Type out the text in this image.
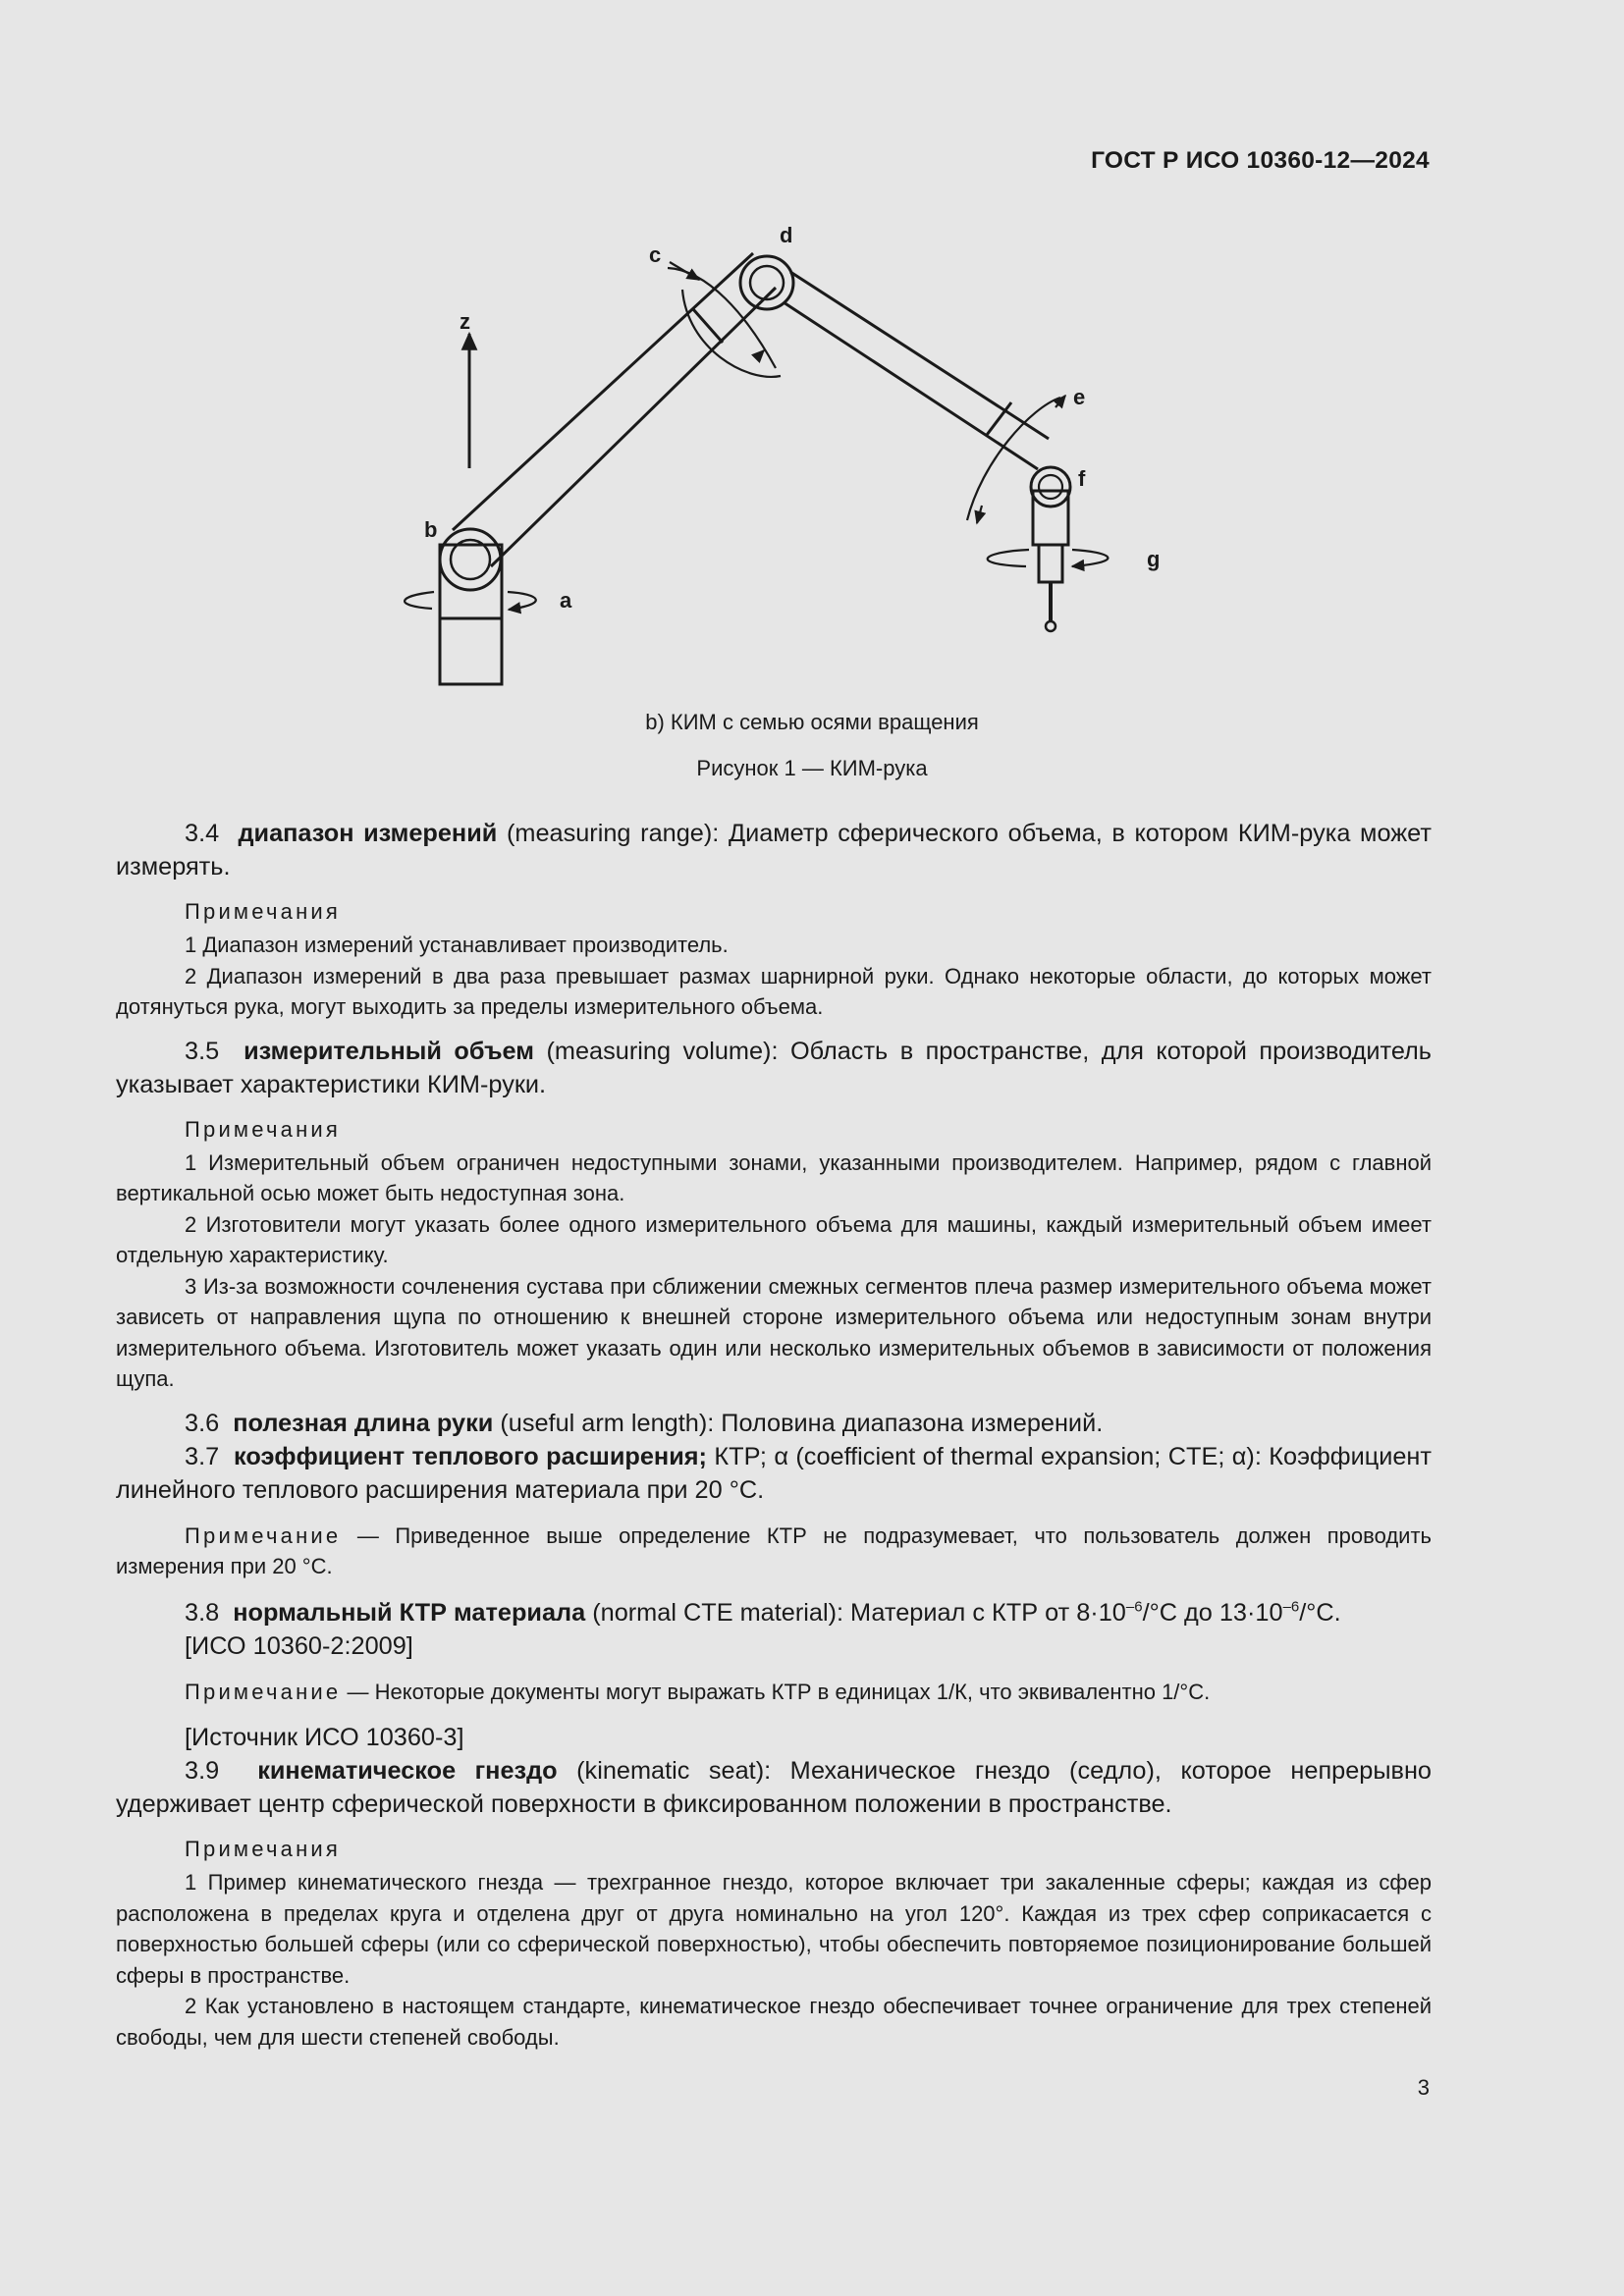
ГОСТ Р ИСО 10360-12—2024
z
a
b
c
d
e
f
g
b) КИМ с семью осями вращения
Рисунок 1 — КИМ-рука

3.4 диапазон измерений (measuring range): Диаметр сферического объема, в котором КИМ-рука может измерять.

Примечания

1 Диапазон измерений устанавливает производитель.

2 Диапазон измерений в два раза превышает размах шарнирной руки. Однако некоторые области, до которых может дотянуться рука, могут выходить за пределы измерительного объема.

3.5 измерительный объем (measuring volume): Область в пространстве, для которой производитель указывает характеристики КИМ-руки.

Примечания

1 Измерительный объем ограничен недоступными зонами, указанными производителем. Например, рядом с главной вертикальной осью может быть недоступная зона.

2 Изготовители могут указать более одного измерительного объема для машины, каждый измерительный объем имеет отдельную характеристику.

3 Из-за возможности сочленения сустава при сближении смежных сегментов плеча размер измерительного объема может зависеть от направления щупа по отношению к внешней стороне измерительного объема или недоступным зонам внутри измерительного объема. Изготовитель может указать один или несколько измерительных объемов в зависимости от положения щупа.

3.6 полезная длина руки (useful arm length): Половина диапазона измерений.

3.7 коэффициент теплового расширения; КТР; α (coefficient of thermal expansion; CTE; α): Коэффициент линейного теплового расширения материала при 20 °С.

Примечание — Приведенное выше определение КТР не подразумевает, что пользователь должен проводить измерения при 20 °С.

3.8 нормальный КТР материала (normal CTE material): Материал с КТР от $8\cdot 10^{-6}/^\circ С$ до $13\cdot 10^{-6}/^\circ С$.

[ИСО 10360-2:2009]

Примечание — Некоторые документы могут выражать КТР в единицах 1/К, что эквивалентно 1/°С.

[Источник ИСО 10360-3]

3.9 кинематическое гнездо (kinematic seat): Механическое гнездо (седло), которое непрерывно удерживает центр сферической поверхности в фиксированном положении в пространстве.

Примечания

1 Пример кинематического гнезда — трехгранное гнездо, которое включает три закаленные сферы; каждая из сфер расположена в пределах круга и отделена друг от друга номинально на угол 120°. Каждая из трех сфер соприкасается с поверхностью большей сферы (или со сферической поверхностью), чтобы обеспечить повторяемое позиционирование большей сферы в пространстве.

2 Как установлено в настоящем стандарте, кинематическое гнездо обеспечивает точнее ограничение для трех степеней свободы, чем для шести степеней свободы.

3
